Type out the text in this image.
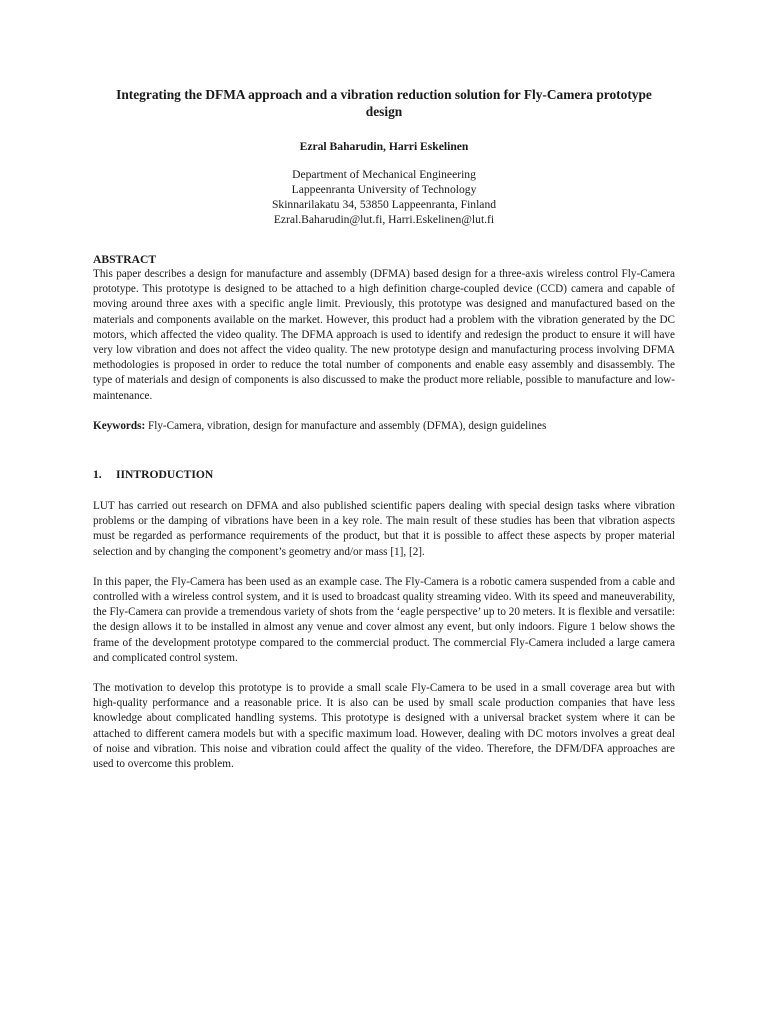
Integrating the DFMA approach and a vibration reduction solution for Fly-Camera prototype design
Ezral Baharudin, Harri Eskelinen
Department of Mechanical Engineering
Lappeenranta University of Technology
Skinnarilakatu 34, 53850 Lappeenranta, Finland
Ezral.Baharudin@lut.fi, Harri.Eskelinen@lut.fi
ABSTRACT

This paper describes a design for manufacture and assembly (DFMA) based design for a three-axis wireless control Fly-Camera prototype. This prototype is designed to be attached to a high definition charge-coupled device (CCD) camera and capable of moving around three axes with a specific angle limit. Previously, this prototype was designed and manufactured based on the materials and components available on the market. However, this product had a problem with the vibration generated by the DC motors, which affected the video quality. The DFMA approach is used to identify and redesign the product to ensure it will have very low vibration and does not affect the video quality. The new prototype design and manufacturing process involving DFMA methodologies is proposed in order to reduce the total number of components and enable easy assembly and disassembly. The type of materials and design of components is also discussed to make the product more reliable, possible to manufacture and low-maintenance.

Keywords: Fly-Camera, vibration, design for manufacture and assembly (DFMA), design guidelines
1. IINTRODUCTION

LUT has carried out research on DFMA and also published scientific papers dealing with special design tasks where vibration problems or the damping of vibrations have been in a key role. The main result of these studies has been that vibration aspects must be regarded as performance requirements of the product, but that it is possible to affect these aspects by proper material selection and by changing the component’s geometry and/or mass [1], [2].

In this paper, the Fly-Camera has been used as an example case. The Fly-Camera is a robotic camera suspended from a cable and controlled with a wireless control system, and it is used to broadcast quality streaming video. With its speed and maneuverability, the Fly-Camera can provide a tremendous variety of shots from the ‘eagle perspective’ up to 20 meters. It is flexible and versatile: the design allows it to be installed in almost any venue and cover almost any event, but only indoors. Figure 1 below shows the frame of the development prototype compared to the commercial product. The commercial Fly-Camera included a large camera and complicated control system.

The motivation to develop this prototype is to provide a small scale Fly-Camera to be used in a small coverage area but with high-quality performance and a reasonable price. It is also can be used by small scale production companies that have less knowledge about complicated handling systems. This prototype is designed with a universal bracket system where it can be attached to different camera models but with a specific maximum load. However, dealing with DC motors involves a great deal of noise and vibration. This noise and vibration could affect the quality of the video. Therefore, the DFM/DFA approaches are used to overcome this problem.
